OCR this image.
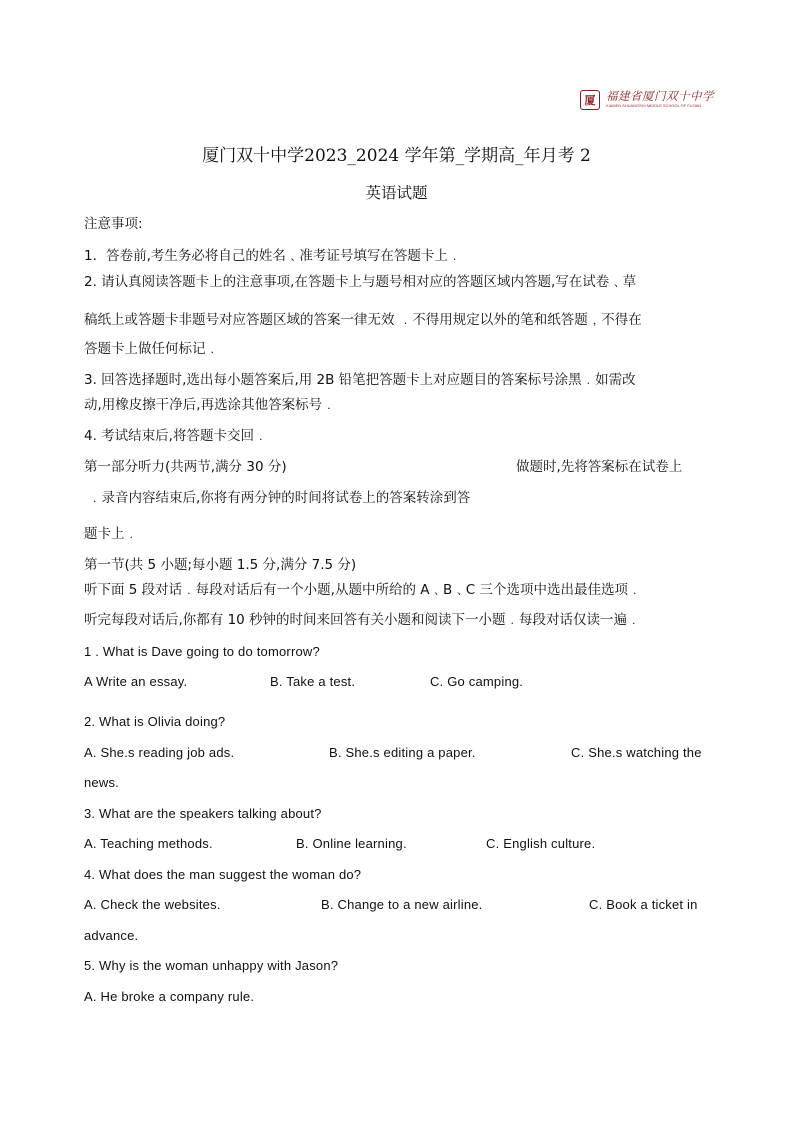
厦 福建省厦门双十中学
XIAMEN SHUANGSHI MIDDLE SCHOOL OF FUJIAN
厦门双十中学2023_2024 学年第_学期高_年月考 2
英语试题
注意事项:
1．答卷前,考生务必将自己的姓名﹑准考证号填写在答题卡上﹒
2. 请认真阅读答题卡上的注意事项,在答题卡上与题号相对应的答题区域内答题,写在试卷﹑草
稿纸上或答题卡非题号对应答题区域的答案一律无效 ﹒不得用规定以外的笔和纸答题﹐不得在
答题卡上做任何标记﹒
3. 回答选择题时,选出每小题答案后,用 2B 铅笔把答题卡上对应题目的答案标号涂黑﹒如需改
动,用橡皮擦干净后,再选涂其他答案标号﹒
4. 考试结束后,将答题卡交回﹒
第一部分听力(共两节,满分 30 分)	做题时,先将答案标在试卷上
﹒录音内容结束后,你将有两分钟的时间将试卷上的答案转涂到答
题卡上﹒
第一节(共 5 小题;每小题 1.5 分,满分 7.5 分)
听下面 5 段对话﹒每段对话后有一个小题,从题中所给的 A﹑B﹑C 三个选项中选出最佳选项﹒
听完每段对话后,你都有 10 秒钟的时间来回答有关小题和阅读下一小题﹒每段对话仅读一遍﹒
1 . What is Dave going to do tomorrow?
A Write an essay.	B. Take a test.	C. Go camping.
2. What is Olivia doing?
A. She.s reading job ads.	B. She.s editing a paper.	C. She.s watching the
news.
3. What are the speakers talking about?
A. Teaching methods.	B. Online learning.	C. English culture.
4. What does the man suggest the woman do?
A. Check the websites.	B. Change to a new airline.	C. Book a ticket in
advance.
5. Why is the woman unhappy with Jason?
A. He broke a company rule.
